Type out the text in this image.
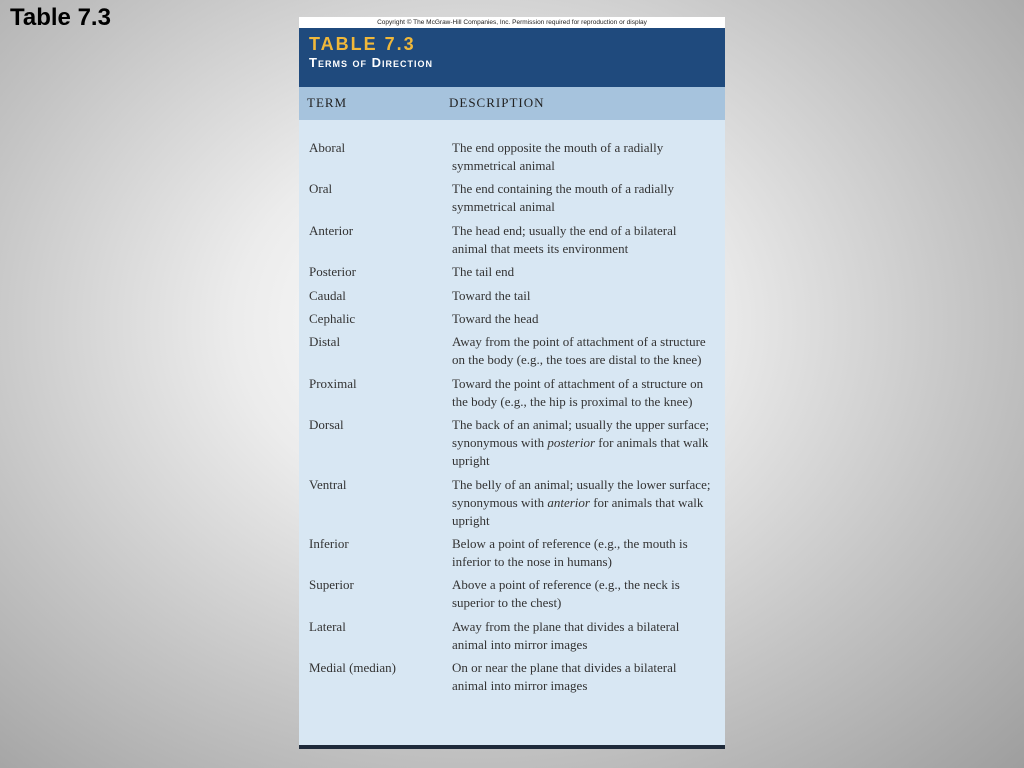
Table 7.3	Copyright © The McGraw-Hill Companies, Inc. Permission required for reproduction or display
TABLE 7.3
Terms of Direction
TERM	DESCRIPTION
Aboral	The end opposite the mouth of a radially symmetrical animal
Oral	The end containing the mouth of a radially symmetrical animal
Anterior	The head end; usually the end of a bilateral animal that meets its environment
Posterior	The tail end
Caudal	Toward the tail
Cephalic	Toward the head
Distal	Away from the point of attachment of a structure on the body (e.g., the toes are distal to the knee)
Proximal	Toward the point of attachment of a structure on the body (e.g., the hip is proximal to the knee)
Dorsal	The back of an animal; usually the upper surface; synonymous with posterior for animals that walk upright
Ventral	The belly of an animal; usually the lower surface; synonymous with anterior for animals that walk upright
Inferior	Below a point of reference (e.g., the mouth is inferior to the nose in humans)
Superior	Above a point of reference (e.g., the neck is superior to the chest)
Lateral	Away from the plane that divides a bilateral animal into mirror images
Medial (median)	On or near the plane that divides a bilateral animal into mirror images
